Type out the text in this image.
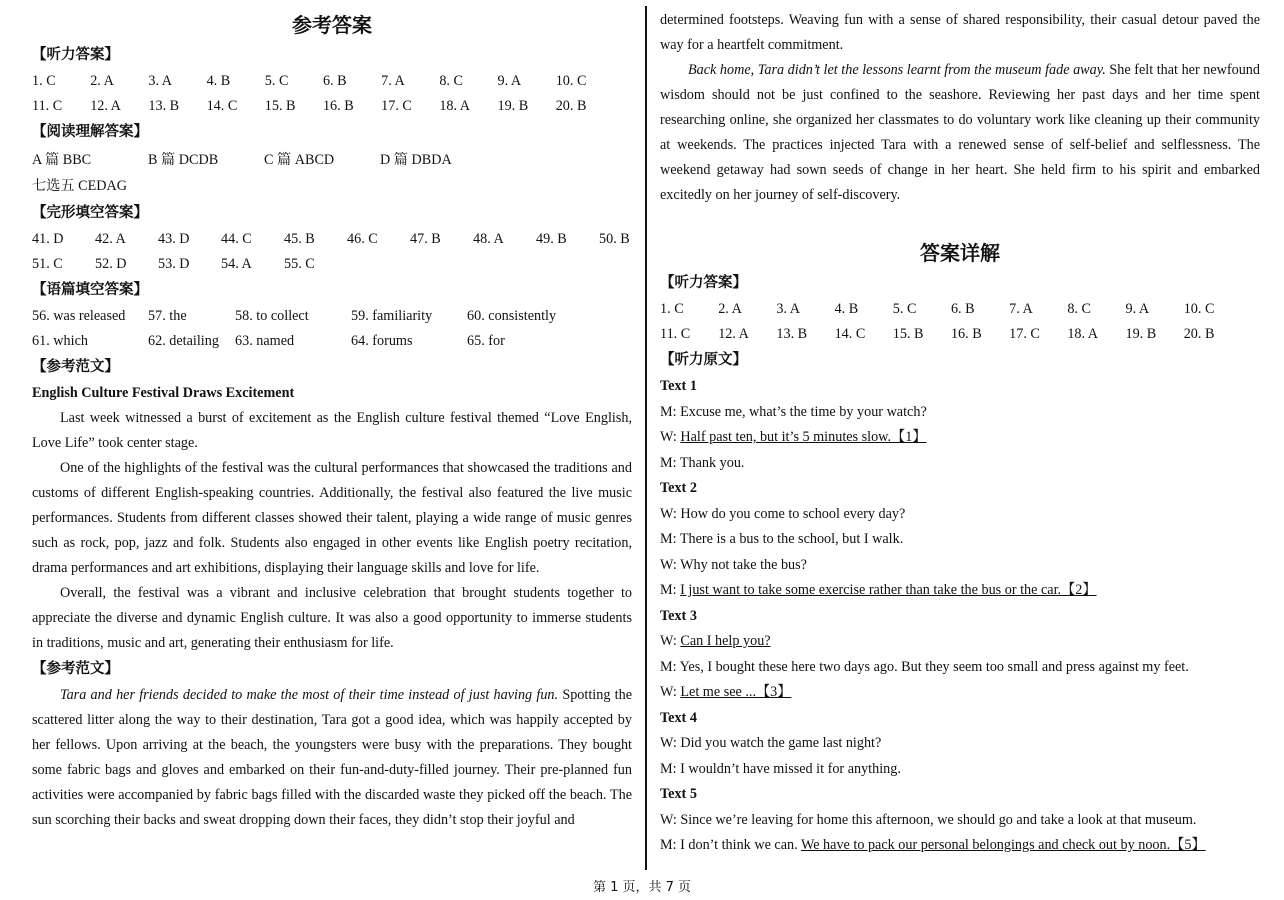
参考答案
【听力答案】
1. C	2. A	3. A	4. B	5. C	6. B	7. A	8. C	9. A	10. C
11. C	12. A	13. B	14. C	15. B	16. B	17. C	18. A	19. B	20. B
【阅读理解答案】
A 篇 BBC	B 篇 DCDB	C 篇 ABCD	D 篇 DBDA
七选五 CEDAG
【完形填空答案】
41. D	42. A	43. D	44. C	45. B	46. C	47. B	48. A	49. B	50. B
51. C	52. D	53. D	54. A	55. C
【语篇填空答案】
56. was released	57. the	58. to collect	59. familiarity	60. consistently
61. which	62. detailing	63. named	64. forums	65. for
【参考范文】
English Culture Festival Draws Excitement
Last week witnessed a burst of excitement as the English culture festival themed “Love English, Love Life” took center stage.
One of the highlights of the festival was the cultural performances that showcased the traditions and customs of different English-speaking countries. Additionally, the festival also featured the live music performances. Students from different classes showed their talent, playing a wide range of music genres such as rock, pop, jazz and folk. Students also engaged in other events like English poetry recitation, drama performances and art exhibitions, displaying their language skills and love for life.
Overall, the festival was a vibrant and inclusive celebration that brought students together to appreciate the diverse and dynamic English culture. It was also a good opportunity to immerse students in traditions, music and art, generating their enthusiasm for life.
【参考范文】
Tara and her friends decided to make the most of their time instead of just having fun. Spotting the scattered litter along the way to their destination, Tara got a good idea, which was happily accepted by her fellows. Upon arriving at the beach, the youngsters were busy with the preparations. They bought some fabric bags and gloves and embarked on their fun-and-duty-filled journey. Their pre-planned fun activities were accompanied by fabric bags filled with the discarded waste they picked off the beach. The sun scorching their backs and sweat dropping down their faces, they didn’t stop their joyful and
determined footsteps. Weaving fun with a sense of shared responsibility, their casual detour paved the way for a heartfelt commitment.
Back home, Tara didn’t let the lessons learnt from the museum fade away. She felt that her newfound wisdom should not be just confined to the seashore. Reviewing her past days and her time spent researching online, she organized her classmates to do voluntary work like cleaning up their community at weekends. The practices injected Tara with a renewed sense of self-belief and selflessness. The weekend getaway had sown seeds of change in her heart. She held firm to his spirit and embarked excitedly on her journey of self-discovery.
答案详解
【听力答案】
1. C	2. A	3. A	4. B	5. C	6. B	7. A	8. C	9. A	10. C
11. C	12. A	13. B	14. C	15. B	16. B	17. C	18. A	19. B	20. B
【听力原文】
Text 1
M: Excuse me, what’s the time by your watch?
W: Half past ten, but it’s 5 minutes slow.【1】
M: Thank you.
Text 2
W: How do you come to school every day?
M: There is a bus to the school, but I walk.
W: Why not take the bus?
M: I just want to take some exercise rather than take the bus or the car.【2】
Text 3
W: Can I help you?
M: Yes, I bought these here two days ago. But they seem too small and press against my feet.
W: Let me see ...【3】
Text 4
W: Did you watch the game last night?
M: I wouldn’t have missed it for anything.
Text 5
W: Since we’re leaving for home this afternoon, we should go and take a look at that museum.
M: I don’t think we can. We have to pack our personal belongings and check out by noon.【5】
第 1 页，共 7 页
